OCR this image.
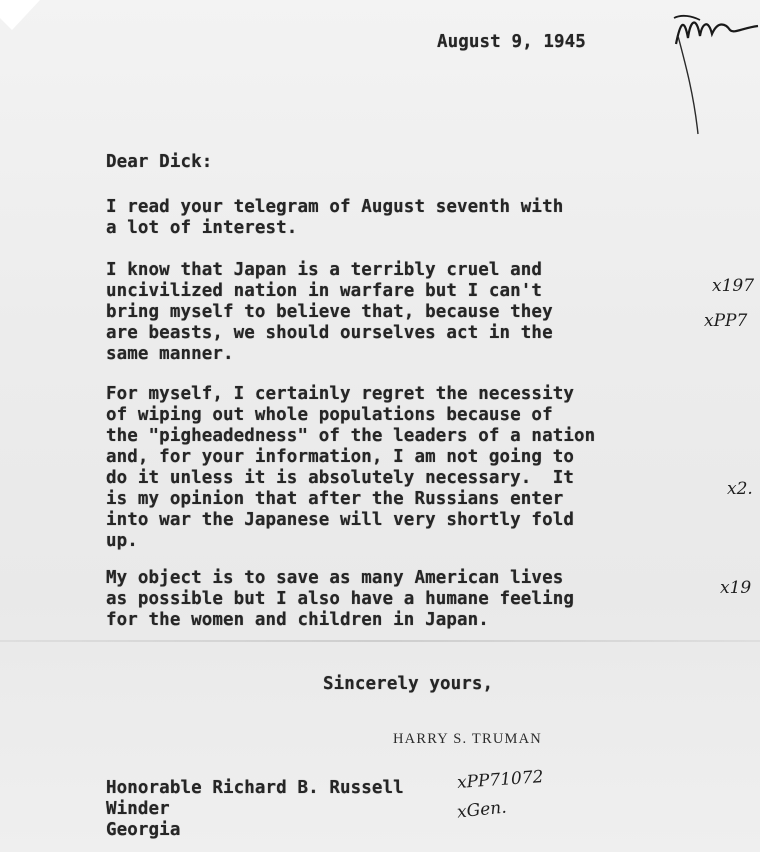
August 9, 1945
Dear Dick:
I read your telegram of August seventh with
a lot of interest.
I know that Japan is a terribly cruel and
uncivilized nation in warfare but I can't
bring myself to believe that, because they
are beasts, we should ourselves act in the
same manner.
For myself, I certainly regret the necessity
of wiping out whole populations because of
the "pigheadedness" of the leaders of a nation
and, for your information, I am not going to
do it unless it is absolutely necessary.  It
is my opinion that after the Russians enter
into war the Japanese will very shortly fold
up.
My object is to save as many American lives
as possible but I also have a humane feeling
for the women and children in Japan.
Sincerely yours,
HARRY S. TRUMAN
Honorable Richard B. Russell
Winder
Georgia
x197
xPP7
x2.
x19
xPP71072
xGen.
